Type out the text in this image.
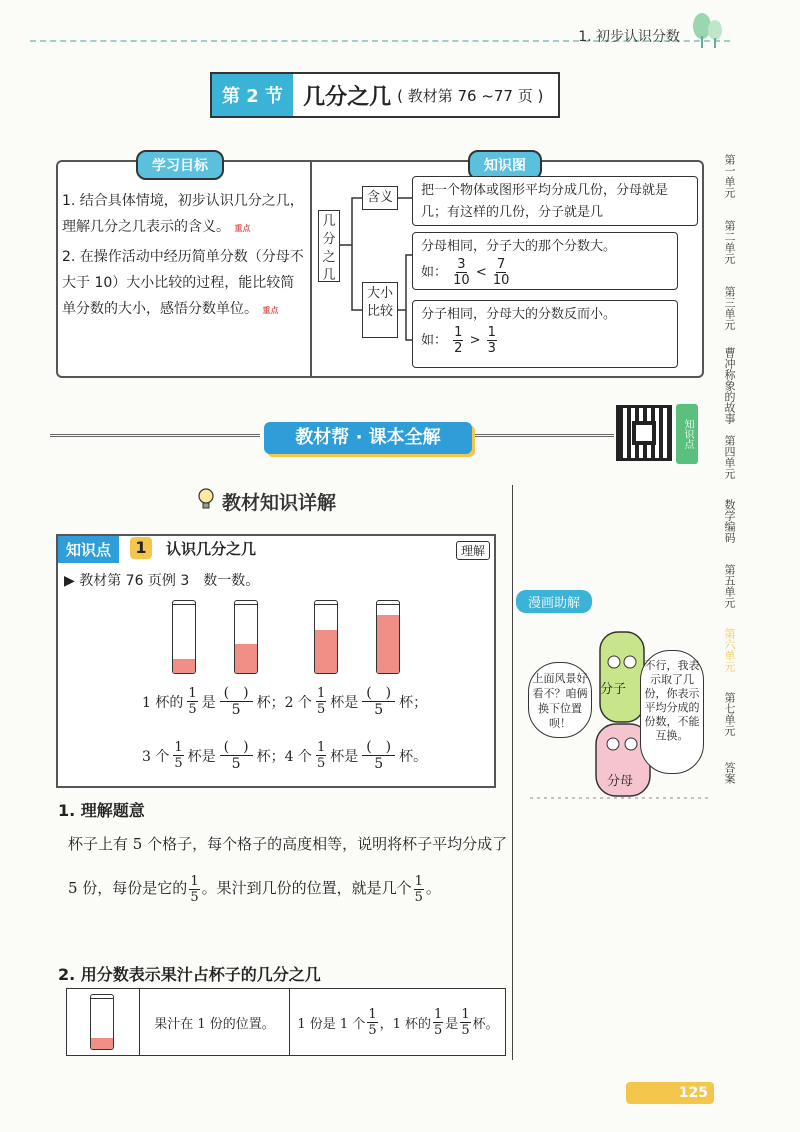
1. 初步认识分数
第 2 节 几分之几 ( 教材第 76 ~77 页 )
学习目标	知识图
1. 结合具体情境，初步认识几分之几，理解几分之几表示的含义。 重点
2. 在操作活动中经历简单分数（分母不大于 10）大小比较的过程，能比较简单分数的大小，感悟分数单位。 重点
几分之几
含义
大小比较
把一个物体或图形平均分成几份，分母就是几；有这样的几份，分子就是几
分母相同，分子大的那个分数大。
如： $\frac{3}{10} < \frac{7}{10}$
分子相同，分母大的分数反而小。
如： $\frac{1}{2} > \frac{1}{3}$
教材帮 · 课本全解	知识点
第一单元
第二单元
第三单元
曹冲称象的故事
第四单元
数学编码
第五单元
第六单元
第七单元
答案
教材知识详解
知识点	1	认识几分之几	理解
▶ 教材第 76 页例 3　数一数。
1 杯的 $\frac{1}{5}$ 是 $\frac{( )}{5}$ 杯；2 个 $\frac{1}{5}$ 杯是 $\frac{( )}{5}$ 杯；
3 个 $\frac{1}{5}$ 杯是 $\frac{( )}{5}$ 杯；4 个 $\frac{1}{5}$ 杯是 $\frac{( )}{5}$ 杯。
1. 理解题意
杯子上有 5 个格子，每个格子的高度相等，说明将杯子平均分成了 5 份，每份是它的 $\frac{1}{5}$ 。果汁到几份的位置，就是几个 $\frac{1}{5}$ 。
2. 用分数表示果汁占杯子的几分之几
果汁在 1 份的位置。	1 份是 1 个 $\frac{1}{5}$ ，1 杯的 $\frac{1}{5}$ 是 $\frac{1}{5}$ 杯。
漫画助解
上面风景好看不？咱俩换下位置呗！
不行，我表示取了几份，你表示平均分成的份数，不能互换。
分子
分母
125
